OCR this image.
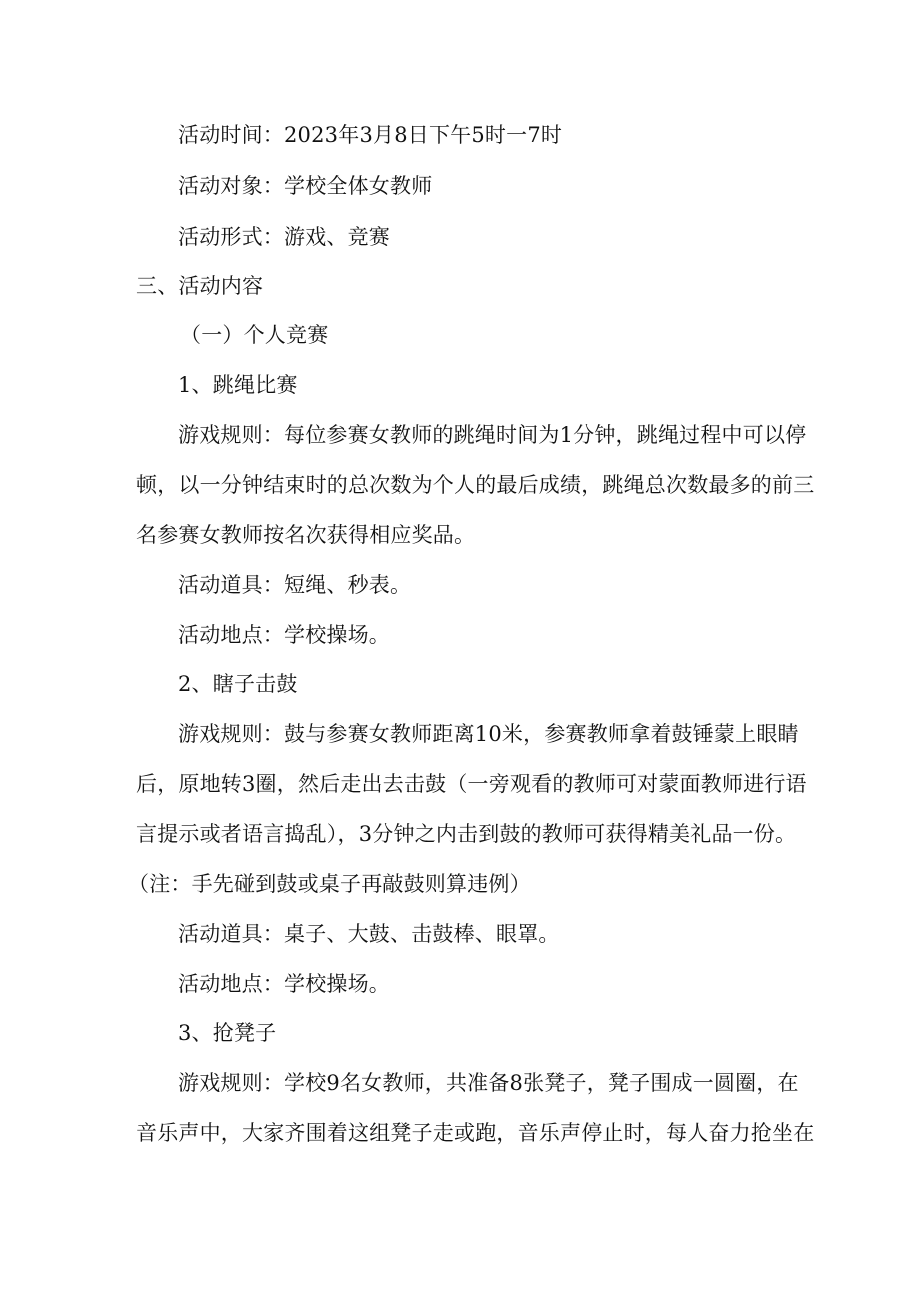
活动时间：2023年3月8日下午5时一7时
活动对象：学校全体女教师
活动形式：游戏、竞赛
三、活动内容
（一）个人竞赛
1、跳绳比赛
游戏规则：每位参赛女教师的跳绳时间为1分钟，跳绳过程中可以停
顿，以一分钟结束时的总次数为个人的最后成绩，跳绳总次数最多的前三
名参赛女教师按名次获得相应奖品。
活动道具：短绳、秒表。
活动地点：学校操场。
2、瞎子击鼓
游戏规则：鼓与参赛女教师距离10米，参赛教师拿着鼓锤蒙上眼睛
后，原地转3圈，然后走出去击鼓（一旁观看的教师可对蒙面教师进行语
言提示或者语言捣乱），3分钟之内击到鼓的教师可获得精美礼品一份。
（注：手先碰到鼓或桌子再敲鼓则算违例）
活动道具：桌子、大鼓、击鼓棒、眼罩。
活动地点：学校操场。
3、抢凳子
游戏规则：学校9名女教师，共准备8张凳子，凳子围成一圆圈，在
音乐声中，大家齐围着这组凳子走或跑，音乐声停止时，每人奋力抢坐在
